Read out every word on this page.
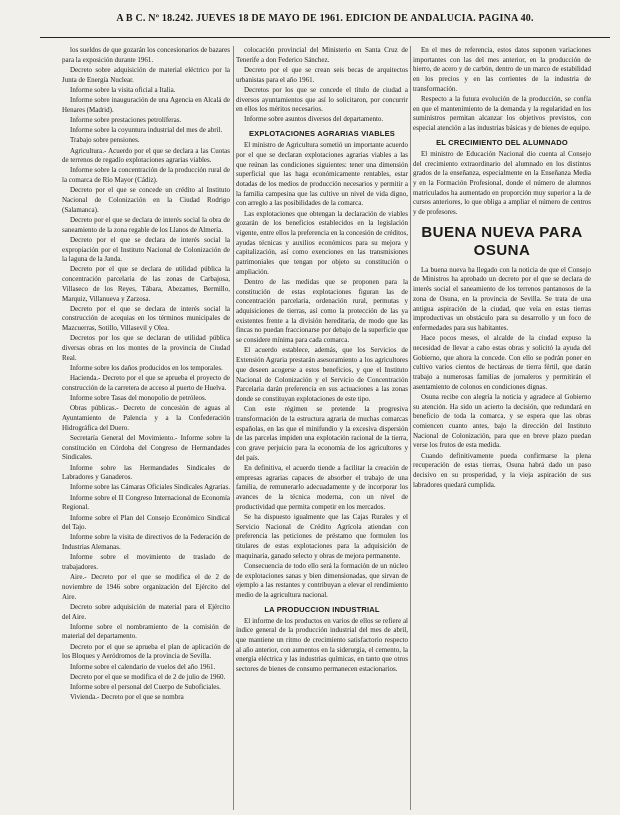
A B C. Nº 18.242. JUEVES 18 DE MAYO DE 1961. EDICION DE ANDALUCIA. PAGINA 40.

los sueldos de que gozarán los concesionarios de bazares para la exposición durante 1961.

Decreto sobre adquisición de material eléctrico por la Junta de Energía Nuclear.

Informe sobre la visita oficial a Italia.

Informe sobre inauguración de una Agencia en Alcalá de Henares (Madrid).

Informe sobre prestaciones petrolíferas.

Informe sobre la coyuntura industrial del mes de abril.

Trabajo sobre pensiones.

Agricultura.- Acuerdo por el que se declara a las Cuotas de terrenos de regadío explotaciones agrarias viables.

Informe sobre la concentración de la producción rural de la comarca de Río Mayor (Cádiz).

Decreto por el que se concede un crédito al Instituto Nacional de Colonización en la Ciudad Rodrigo (Salamanca).

Decreto por el que se declara de interés social la obra de saneamiento de la zona regable de los Llanos de Almería.

Decreto por el que se declara de interés social la expropiación por el Instituto Nacional de Colonización de la laguna de la Janda.

Decreto por el que se declara de utilidad pública la concentración parcelaria de las zonas de Carbajosa, Villaseco de los Reyes, Tábara, Abezames, Bermillo, Marquiz, Villanueva y Zarzosa.

Decreto por el que se declara de interés social la construcción de acequias en los términos municipales de Mazcuerras, Sotillo, Villasevil y Olea.

Decretos por los que se declaran de utilidad pública diversas obras en los montes de la provincia de Ciudad Real.

Informe sobre los daños producidos en los temporales.

Hacienda.- Decreto por el que se aprueba el proyecto de construcción de la carretera de acceso al puerto de Huelva.

Informe sobre Tasas del monopolio de petróleos.

Obras públicas.- Decreto de concesión de aguas al Ayuntamiento de Palencia y a la Confederación Hidrográfica del Duero.

Secretaría General del Movimiento.- Informe sobre la constitución en Córdoba del Congreso de Hermandades Sindicales.

Informe sobre las Hermandades Sindicales de Labradores y Ganaderos.

Informe sobre las Cámaras Oficiales Sindicales Agrarias.

Informe sobre el II Congreso Internacional de Economía Regional.

Informe sobre el Plan del Consejo Económico Sindical del Tajo.

Informe sobre la visita de directivos de la Federación de Industrias Alemanas.

Informe sobre el movimiento de traslado de trabajadores.

Aire.- Decreto por el que se modifica el de 2 de noviembre de 1946 sobre organización del Ejército del Aire.

Decreto sobre adquisición de material para el Ejército del Aire.

Informe sobre el nombramiento de la comisión de material del departamento.

Decreto por el que se aprueba el plan de aplicación de los Bloques y Aeródromos de la provincia de Sevilla.

Informe sobre el calendario de vuelos del año 1961.

Decreto por el que se modifica el de 2 de julio de 1960.

Informe sobre el personal del Cuerpo de Suboficiales.

Vivienda.- Decreto por el que se nombra

colocación provincial del Ministerio en Santa Cruz de Tenerife a don Federico Sánchez.

Decreto por el que se crean seis becas de arquitectos urbanistas para el año 1961.

Decretos por los que se concede el título de ciudad a diversos ayuntamientos que así lo solicitaron, por concurrir en ellos los méritos necesarios.

Informe sobre asuntos diversos del departamento.

EXPLOTACIONES AGRARIAS VIABLES

El ministro de Agricultura sometió un importante acuerdo por el que se declaran explotaciones agrarias viables a las que reúnan las condiciones siguientes: tener una dimensión superficial que las haga económicamente rentables, estar dotadas de los medios de producción necesarios y permitir a la familia campesina que las cultive un nivel de vida digno, con arreglo a las posibilidades de la comarca.

Las explotaciones que obtengan la declaración de viables gozarán de los beneficios establecidos en la legislación vigente, entre ellos la preferencia en la concesión de créditos, ayudas técnicas y auxilios económicos para su mejora y capitalización, así como exenciones en las transmisiones patrimoniales que tengan por objeto su constitución o ampliación.

Dentro de las medidas que se proponen para la constitución de estas explotaciones figuran las de concentración parcelaria, ordenación rural, permutas y adquisiciones de tierras, así como la protección de las ya existentes frente a la división hereditaria, de modo que las fincas no puedan fraccionarse por debajo de la superficie que se considere mínima para cada comarca.

El acuerdo establece, además, que los Servicios de Extensión Agraria prestarán asesoramiento a los agricultores que deseen acogerse a estos beneficios, y que el Instituto Nacional de Colonización y el Servicio de Concentración Parcelaria darán preferencia en sus actuaciones a las zonas donde se constituyan explotaciones de este tipo.

Con este régimen se pretende la progresiva transformación de la estructura agraria de muchas comarcas españolas, en las que el minifundio y la excesiva dispersión de las parcelas impiden una explotación racional de la tierra, con grave perjuicio para la economía de los agricultores y del país.

En definitiva, el acuerdo tiende a facilitar la creación de empresas agrarias capaces de absorber el trabajo de una familia, de remunerarlo adecuadamente y de incorporar los avances de la técnica moderna, con un nivel de productividad que permita competir en los mercados.

Se ha dispuesto igualmente que las Cajas Rurales y el Servicio Nacional de Crédito Agrícola atiendan con preferencia las peticiones de préstamo que formulen los titulares de estas explotaciones para la adquisición de maquinaria, ganado selecto y obras de mejora permanente.

Consecuencia de todo ello será la formación de un núcleo de explotaciones sanas y bien dimensionadas, que sirvan de ejemplo a las restantes y contribuyan a elevar el rendimiento medio de la agricultura nacional.

LA PRODUCCION INDUSTRIAL

El informe de los productos en varios de ellos se refiere al índice general de la producción industrial del mes de abril, que mantiene un ritmo de crecimiento satisfactorio respecto al año anterior, con aumentos en la siderurgia, el cemento, la energía eléctrica y las industrias químicas, en tanto que otros sectores de bienes de consumo permanecen estacionarios.

En el mes de referencia, estos datos suponen variaciones importantes con las del mes anterior, en la producción de hierro, de acero y de carbón, dentro de un marco de estabilidad en los precios y en las corrientes de la industria de transformación.

Respecto a la futura evolución de la producción, se confía en que el mantenimiento de la demanda y la regularidad en los suministros permitan alcanzar los objetivos previstos, con especial atención a las industrias básicas y de bienes de equipo.

EL CRECIMIENTO DEL ALUMNADO

El ministro de Educación Nacional dio cuenta al Consejo del crecimiento extraordinario del alumnado en los distintos grados de la enseñanza, especialmente en la Enseñanza Media y en la Formación Profesional, donde el número de alumnos matriculados ha aumentado en proporción muy superior a la de cursos anteriores, lo que obliga a ampliar el número de centros y de profesores.

BUENA NUEVA PARA OSUNA

La buena nueva ha llegado con la noticia de que el Consejo de Ministros ha aprobado un decreto por el que se declara de interés social el saneamiento de los terrenos pantanosos de la zona de Osuna, en la provincia de Sevilla. Se trata de una antigua aspiración de la ciudad, que veía en estas tierras improductivas un obstáculo para su desarrollo y un foco de enfermedades para sus habitantes.

Hace pocos meses, el alcalde de la ciudad expuso la necesidad de llevar a cabo estas obras y solicitó la ayuda del Gobierno, que ahora la concede. Con ello se podrán poner en cultivo varios cientos de hectáreas de tierra fértil, que darán trabajo a numerosas familias de jornaleros y permitirán el asentamiento de colonos en condiciones dignas.

Osuna recibe con alegría la noticia y agradece al Gobierno su atención. Ha sido un acierto la decisión, que redundará en beneficio de toda la comarca, y se espera que las obras comiencen cuanto antes, bajo la dirección del Instituto Nacional de Colonización, para que en breve plazo puedan verse los frutos de esta medida.

Cuando definitivamente pueda confirmarse la plena recuperación de estas tierras, Osuna habrá dado un paso decisivo en su prosperidad, y la vieja aspiración de sus labradores quedará cumplida.
